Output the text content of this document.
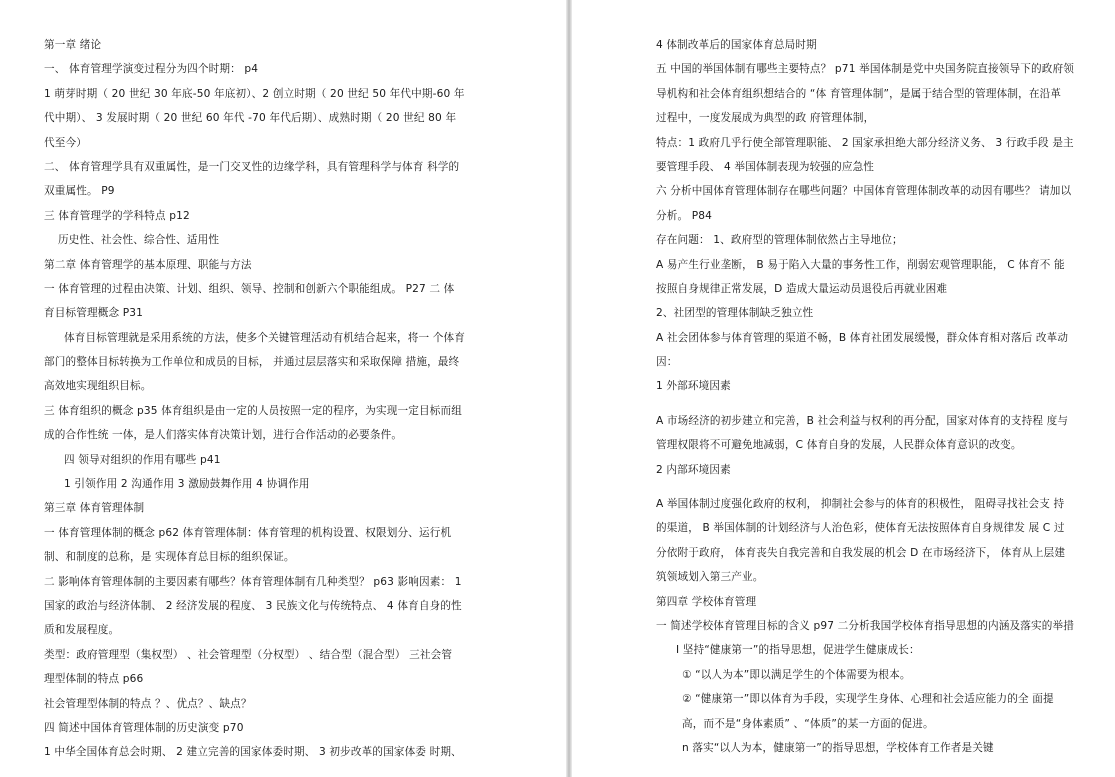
第一章 绪论
一、 体育管理学演变过程分为四个时期： p4
1 萌芽时期（ 20 世纪 30 年底-50 年底初）、2 创立时期（ 20 世纪 50 年代中期-60 年
代中期）、 3 发展时期（ 20 世纪 60 年代 -70 年代后期）、成熟时期（ 20 世纪 80 年
代至今）
二、 体育管理学具有双重属性，是一门交叉性的边缘学科，具有管理科学与体育 科学的
双重属性。 P9
三 体育管理学的学科特点 p12
历史性、社会性、综合性、适用性
第二章 体育管理学的基本原理、职能与方法
一 体育管理的过程由决策、计划、组织、领导、控制和创新六个职能组成。 P27 二 体
育目标管理概念 P31
体育目标管理就是采用系统的方法，使多个关键管理活动有机结合起来，将一 个体育
部门的整体目标转换为工作单位和成员的目标， 并通过层层落实和采取保障 措施，最终
高效地实现组织目标。
三 体育组织的概念 p35 体育组织是由一定的人员按照一定的程序，为实现一定目标而组
成的合作性统 一体，是人们落实体育决策计划，进行合作活动的必要条件。
四 领导对组织的作用有哪些 p41
1 引领作用 2 沟通作用 3 激励鼓舞作用 4 协调作用
第三章 体育管理体制
一 体育管理体制的概念 p62 体育管理体制：体育管理的机构设置、权限划分、运行机
制、和制度的总称，是 实现体育总目标的组织保证。
二 影响体育管理体制的主要因素有哪些？体育管理体制有几种类型？ p63 影响因素： 1
国家的政治与经济体制、 2 经济发展的程度、 3 民族文化与传统特点、 4 体育自身的性
质和发展程度。
类型：政府管理型（集权型） 、社会管理型（分权型） 、结合型（混合型） 三社会管
理型体制的特点 p66
社会管理型体制的特点 ？、优点？、缺点？
四 简述中国体育管理体制的历史演变 p70
1 中华全国体育总会时期、 2 建立完善的国家体委时期、 3 初步改革的国家体委 时期、
4 体制改革后的国家体育总局时期
五 中国的举国体制有哪些主要特点？ p71 举国体制是党中央国务院直接领导下的政府领
导机构和社会体育组织想结合的 “体 育管理体制”，是属于结合型的管理体制，在沿革
过程中，一度发展成为典型的政 府管理体制，
特点：1 政府几乎行使全部管理职能、 2 国家承担绝大部分经济义务、 3 行政手段 是主
要管理手段、 4 举国体制表现为较强的应急性
六 分析中国体育管理体制存在哪些问题？中国体育管理体制改革的动因有哪些？ 请加以
分析。 P84
存在问题： 1、政府型的管理体制依然占主导地位；
A 易产生行业垄断， B 易于陷入大量的事务性工作，削弱宏观管理职能， C 体育不 能
按照自身规律正常发展，D 造成大量运动员退役后再就业困难
2、社团型的管理体制缺乏独立性
A 社会团体参与体育管理的渠道不畅，B 体育社团发展缓慢，群众体育相对落后 改革动
因：
1 外部环境因素
A 市场经济的初步建立和完善，B 社会利益与权利的再分配，国家对体育的支持程 度与
管理权限将不可避免地减弱，C 体育自身的发展，人民群众体育意识的改变。
2 内部环境因素
A 举国体制过度强化政府的权利， 抑制社会参与的体育的积极性， 阻碍寻找社会支 持
的渠道， B 举国体制的计划经济与人治色彩，使体育无法按照体育自身规律发 展 C 过
分依附于政府， 体育丧失自我完善和自我发展的机会 D 在市场经济下， 体育从上层建
筑领域划入第三产业。
第四章 学校体育管理
一 简述学校体育管理目标的含义 p97 二分析我国学校体育指导思想的内涵及落实的举措
I 坚持“健康第一”的指导思想，促进学生健康成长：
① “以人为本”即以满足学生的个体需要为根本。
② “健康第一”即以体育为手段，实现学生身体、心理和社会适应能力的全 面提
高，而不是“身体素质” 、“体质”的某一方面的促进。
n 落实“以人为本，健康第一”的指导思想，学校体育工作者是关键
